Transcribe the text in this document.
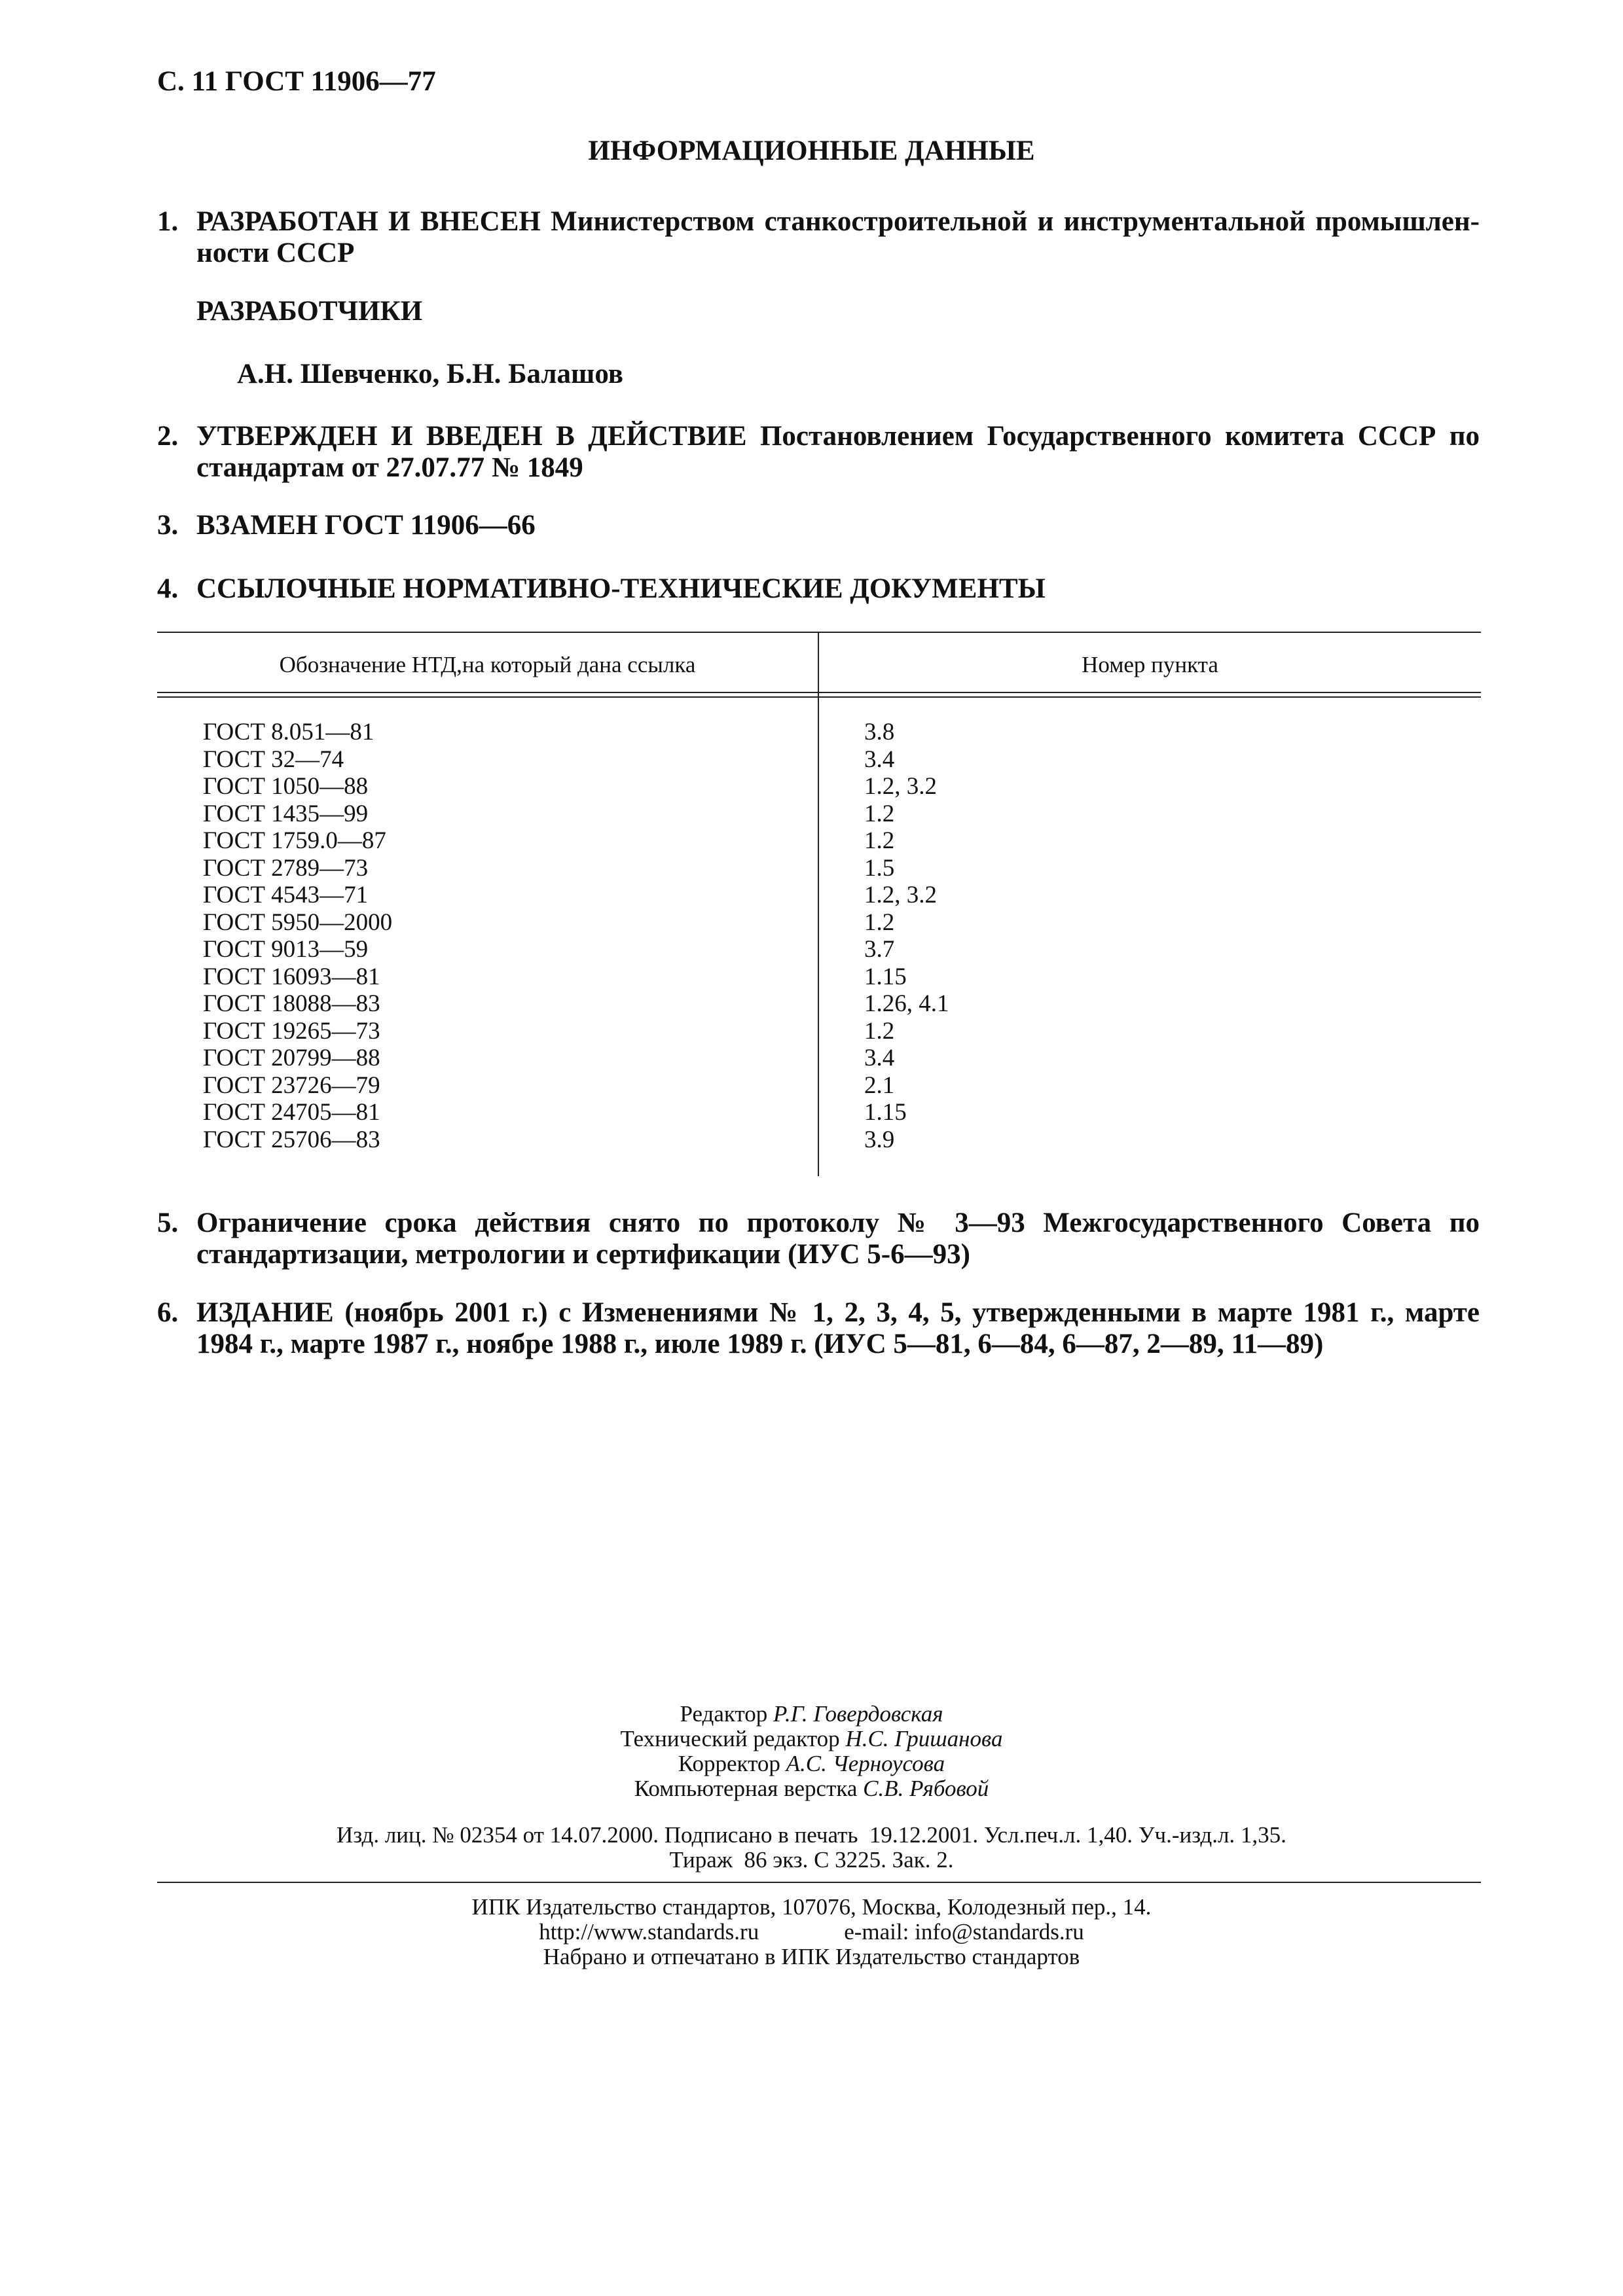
С. 11 ГОСТ 11906—77
ИНФОРМАЦИОННЫЕ ДАННЫЕ
1. РАЗРАБОТАН И ВНЕСЕН Министерством станкостроительной и инструментальной промышлен-
ности СССР
РАЗРАБОТЧИКИ
А.Н. Шевченко, Б.Н. Балашов
2. УТВЕРЖДЕН И ВВЕДЕН В ДЕЙСТВИЕ Постановлением Государственного комитета СССР по
стандартам от 27.07.77 № 1849
3. ВЗАМЕН ГОСТ 11906—66
4. ССЫЛОЧНЫЕ НОРМАТИВНО-ТЕХНИЧЕСКИЕ ДОКУМЕНТЫ
Обозначение НТД,на который дана ссылка	Номер пункта
ГОСТ 8.051—81
ГОСТ 32—74
ГОСТ 1050—88
ГОСТ 1435—99
ГОСТ 1759.0—87
ГОСТ 2789—73
ГОСТ 4543—71
ГОСТ 5950—2000
ГОСТ 9013—59
ГОСТ 16093—81
ГОСТ 18088—83
ГОСТ 19265—73
ГОСТ 20799—88
ГОСТ 23726—79
ГОСТ 24705—81
ГОСТ 25706—83
3.8
3.4
1.2, 3.2
1.2
1.2
1.5
1.2, 3.2
1.2
3.7
1.15
1.26, 4.1
1.2
3.4
2.1
1.15
3.9
5. Ограничение срока действия снято по протоколу № 3—93 Межгосударственного Совета по
стандартизации, метрологии и сертификации (ИУС 5-6—93)
6. ИЗДАНИЕ (ноябрь 2001 г.) с Изменениями № 1, 2, 3, 4, 5, утвержденными в марте 1981 г., марте
1984 г., марте 1987 г., ноябре 1988 г., июле 1989 г. (ИУС 5—81, 6—84, 6—87, 2—89, 11—89)
Редактор Р.Г. Говердовская
Технический редактор Н.С. Гришанова
Корректор А.С. Черноусова
Компьютерная верстка С.В. Рябовой
Изд. лиц. № 02354 от 14.07.2000. Подписано в печать  19.12.2001. Усл.печ.л. 1,40. Уч.-изд.л. 1,35.
Тираж  86 экз. С 3225. Зак. 2.
ИПК Издательство стандартов, 107076, Москва, Колодезный пер., 14.
http://www.standards.ru	e-mail: info@standards.ru
Набрано и отпечатано в ИПК Издательство стандартов
